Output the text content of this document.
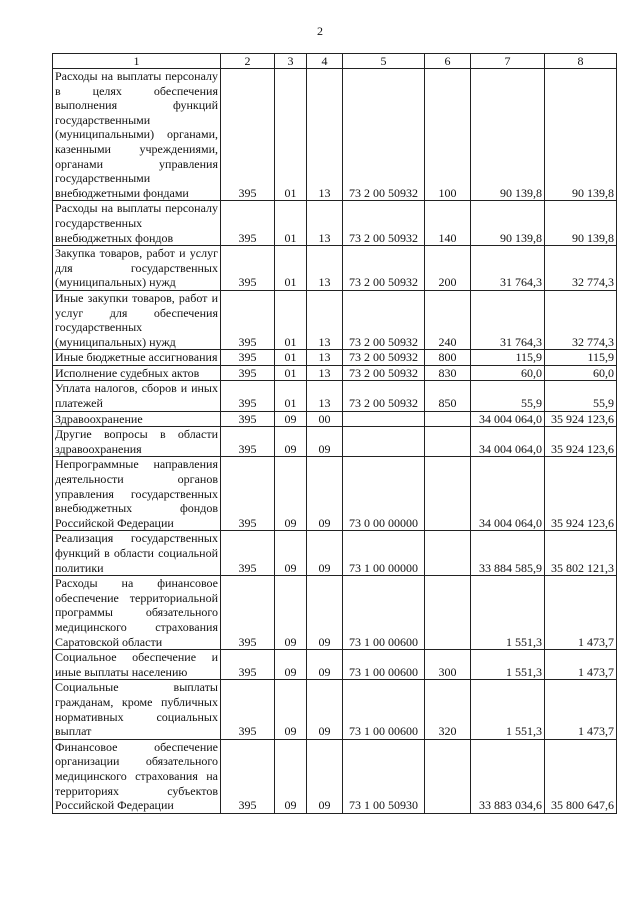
2
1	2	3	4	5	6	7	8
Расходы на выплаты персоналу в целях обеспечения выполнения функций государственными (муниципальными) органами, казенными учреждениями, органами управления государственными внебюджетными фондами	395	01	13	73 2 00 50932	100	90 139,8	90 139,8
Расходы на выплаты персоналу государственных внебюджетных фондов	395	01	13	73 2 00 50932	140	90 139,8	90 139,8
Закупка товаров, работ и услуг для государственных (муниципальных) нужд	395	01	13	73 2 00 50932	200	31 764,3	32 774,3
Иные закупки товаров, работ и услуг для обеспечения государственных (муниципальных) нужд	395	01	13	73 2 00 50932	240	31 764,3	32 774,3
Иные бюджетные ассигнования	395	01	13	73 2 00 50932	800	115,9	115,9
Исполнение судебных актов	395	01	13	73 2 00 50932	830	60,0	60,0
Уплата налогов, сборов и иных платежей	395	01	13	73 2 00 50932	850	55,9	55,9
Здравоохранение	395	09	00			34 004 064,0	35 924 123,6
Другие вопросы в области здравоохранения	395	09	09			34 004 064,0	35 924 123,6
Непрограммные направления деятельности органов управления государственных внебюджетных фондов Российской Федерации	395	09	09	73 0 00 00000		34 004 064,0	35 924 123,6
Реализация государственных функций в области социальной политики	395	09	09	73 1 00 00000		33 884 585,9	35 802 121,3
Расходы на финансовое обеспечение территориальной программы обязательного медицинского страхования Саратовской области	395	09	09	73 1 00 00600		1 551,3	1 473,7
Социальное обеспечение и иные выплаты населению	395	09	09	73 1 00 00600	300	1 551,3	1 473,7
Социальные выплаты гражданам, кроме публичных нормативных социальных выплат	395	09	09	73 1 00 00600	320	1 551,3	1 473,7
Финансовое обеспечение организации обязательного медицинского страхования на территориях субъектов Российской Федерации	395	09	09	73 1 00 50930		33 883 034,6	35 800 647,6
